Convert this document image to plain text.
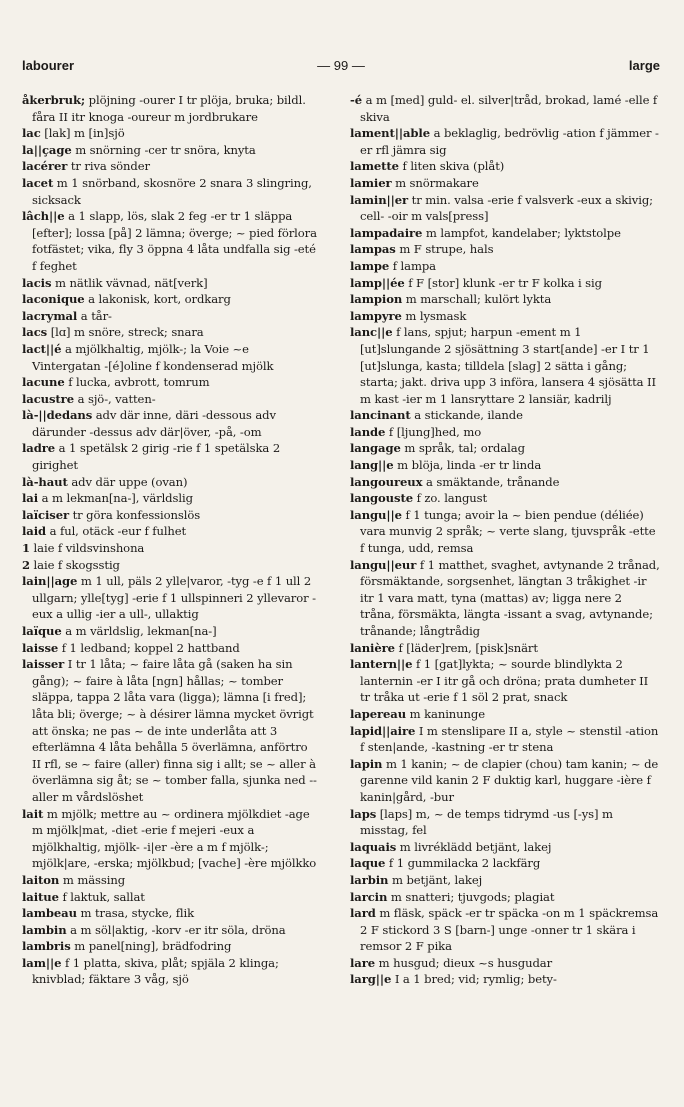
labourer	— 99 —	large

åkerbruk; plöjning -ourer I tr plöja, bruka; bildl. fåra II itr knoga -oureur m jordbrukare

lac [lak] m [in]sjö

la||çage m snörning -cer tr snöra, knyta

lacérer tr riva sönder

lacet m 1 snörband, skosnöre 2 snara 3 slingring, sicksack

lâch||e a 1 slapp, lös, slak 2 feg -er tr 1 släppa [efter]; lossa [på] 2 lämna; överge; ~ pied förlora fotfästet; vika, fly 3 öppna 4 låta undfalla sig -eté f feghet

lacis m nätlik vävnad, nät[verk]

laconique a lakonisk, kort, ordkarg

lacrymal a tår-

lacs [lɑ] m snöre, streck; snara

lact||é a mjölkhaltig, mjölk-; la Voie ~e Vintergatan -[é]oline f kondenserad mjölk

lacune f lucka, avbrott, tomrum

lacustre a sjö-, vatten-

là-||dedans adv där inne, däri -dessous adv därunder -dessus adv där|över, -på, -om

ladre a 1 spetälsk 2 girig -rie f 1 spetälska 2 girighet

là-haut adv där uppe (ovan)

lai a m lekman[na-], världslig

laïciser tr göra konfessionslös

laid a ful, otäck -eur f fulhet

1 laie f vildsvinshona

2 laie f skogsstig

lain||age m 1 ull, päls 2 ylle|varor, -tyg -e f 1 ull 2 ullgarn; ylle[tyg] -erie f 1 ullspinneri 2 yllevaror -eux a ullig -ier a ull-, ullaktig

laïque a m världslig, lekman[na-]

laisse f 1 ledband; koppel 2 hattband

laisser I tr 1 låta; ~ faire låta gå (saken ha sin gång); ~ faire à låta [ngn] hållas; ~ tomber släppa, tappa 2 låta vara (ligga); lämna [i fred]; låta bli; överge; ~ à désirer lämna mycket övrigt att önska; ne pas ~ de inte underlåta att 3 efterlämna 4 låta behålla 5 överlämna, anförtro II rfl, se ~ faire (aller) finna sig i allt; se ~ aller à överlämna sig åt; se ~ tomber falla, sjunka ned --aller m vårdslöshet

lait m mjölk; mettre au ~ ordinera mjölkdiet -age m mjölk|mat, -diet -erie f mejeri -eux a mjölkhaltig, mjölk- -i|er -ère a m f mjölk-; mjölk|are, -erska; mjölkbud; [vache] -ère mjölkko

laiton m mässing

laitue f laktuk, sallat

lambeau m trasa, stycke, flik

lambin a m söl|aktig, -korv -er itr söla, dröna

lambris m panel[ning], brädfodring

lam||e f 1 platta, skiva, plåt; spjäla 2 klinga; knivblad; fäktare 3 våg, sjö

-é a m [med] guld- el. silver|tråd, brokad, lamé -elle f skiva

lament||able a beklaglig, bedrövlig -ation f jämmer -er rfl jämra sig

lamette f liten skiva (plåt)

lamier m snörmakare

lamin||er tr min. valsa -erie f valsverk -eux a skivig; cell- -oir m vals[press]

lampadaire m lampfot, kandelaber; lyktstolpe

lampas m F strupe, hals

lampe f lampa

lamp||ée f F [stor] klunk -er tr F kolka i sig

lampion m marschall; kulört lykta

lampyre m lysmask

lanc||e f lans, spjut; harpun -ement m 1 [ut]slungande 2 sjösättning 3 start[ande] -er I tr 1 [ut]slunga, kasta; tilldela [slag] 2 sätta i gång; starta; jakt. driva upp 3 införa, lansera 4 sjösätta II m kast -ier m 1 lansryttare 2 lansiär, kadrilj

lancinant a stickande, ilande

lande f [ljung]hed, mo

langage m språk, tal; ordalag

lang||e m blöja, linda -er tr linda

langoureux a smäktande, trånande

langouste f zo. langust

langu||e f 1 tunga; avoir la ~ bien pendue (déliée) vara munvig 2 språk; ~ verte slang, tjuvspråk -ette f tunga, udd, remsa

langu||eur f 1 matthet, svaghet, avtynande 2 trånad, försmäktande, sorgsenhet, längtan 3 tråkighet -ir itr 1 vara matt, tyna (mattas) av; ligga nere 2 tråna, försmäkta, längta -issant a svag, avtynande; trånande; långtrådig

lanière f [läder]rem, [pisk]snärt

lantern||e f 1 [gat]lykta; ~ sourde blindlykta 2 lanternin -er I itr gå och dröna; prata dumheter II tr tråka ut -erie f 1 söl 2 prat, snack

lapereau m kaninunge

lapid||aire I m stenslipare II a, style ~ stenstil -ation f sten|ande, -kastning -er tr stena

lapin m 1 kanin; ~ de clapier (chou) tam kanin; ~ de garenne vild kanin 2 F duktig karl, huggare -ière f kanin|gård, -bur

laps [laps] m, ~ de temps tidrymd -us [-ys] m misstag, fel

laquais m livréklädd betjänt, lakej

laque f 1 gummilacka 2 lackfärg

larbin m betjänt, lakej

larcin m snatteri; tjuvgods; plagiat

lard m fläsk, späck -er tr späcka -on m 1 späckremsa 2 F stickord 3 S [barn-] unge -onner tr 1 skära i remsor 2 F pika

lare m husgud; dieux ~s husgudar

larg||e I a 1 bred; vid; rymlig; bety-
